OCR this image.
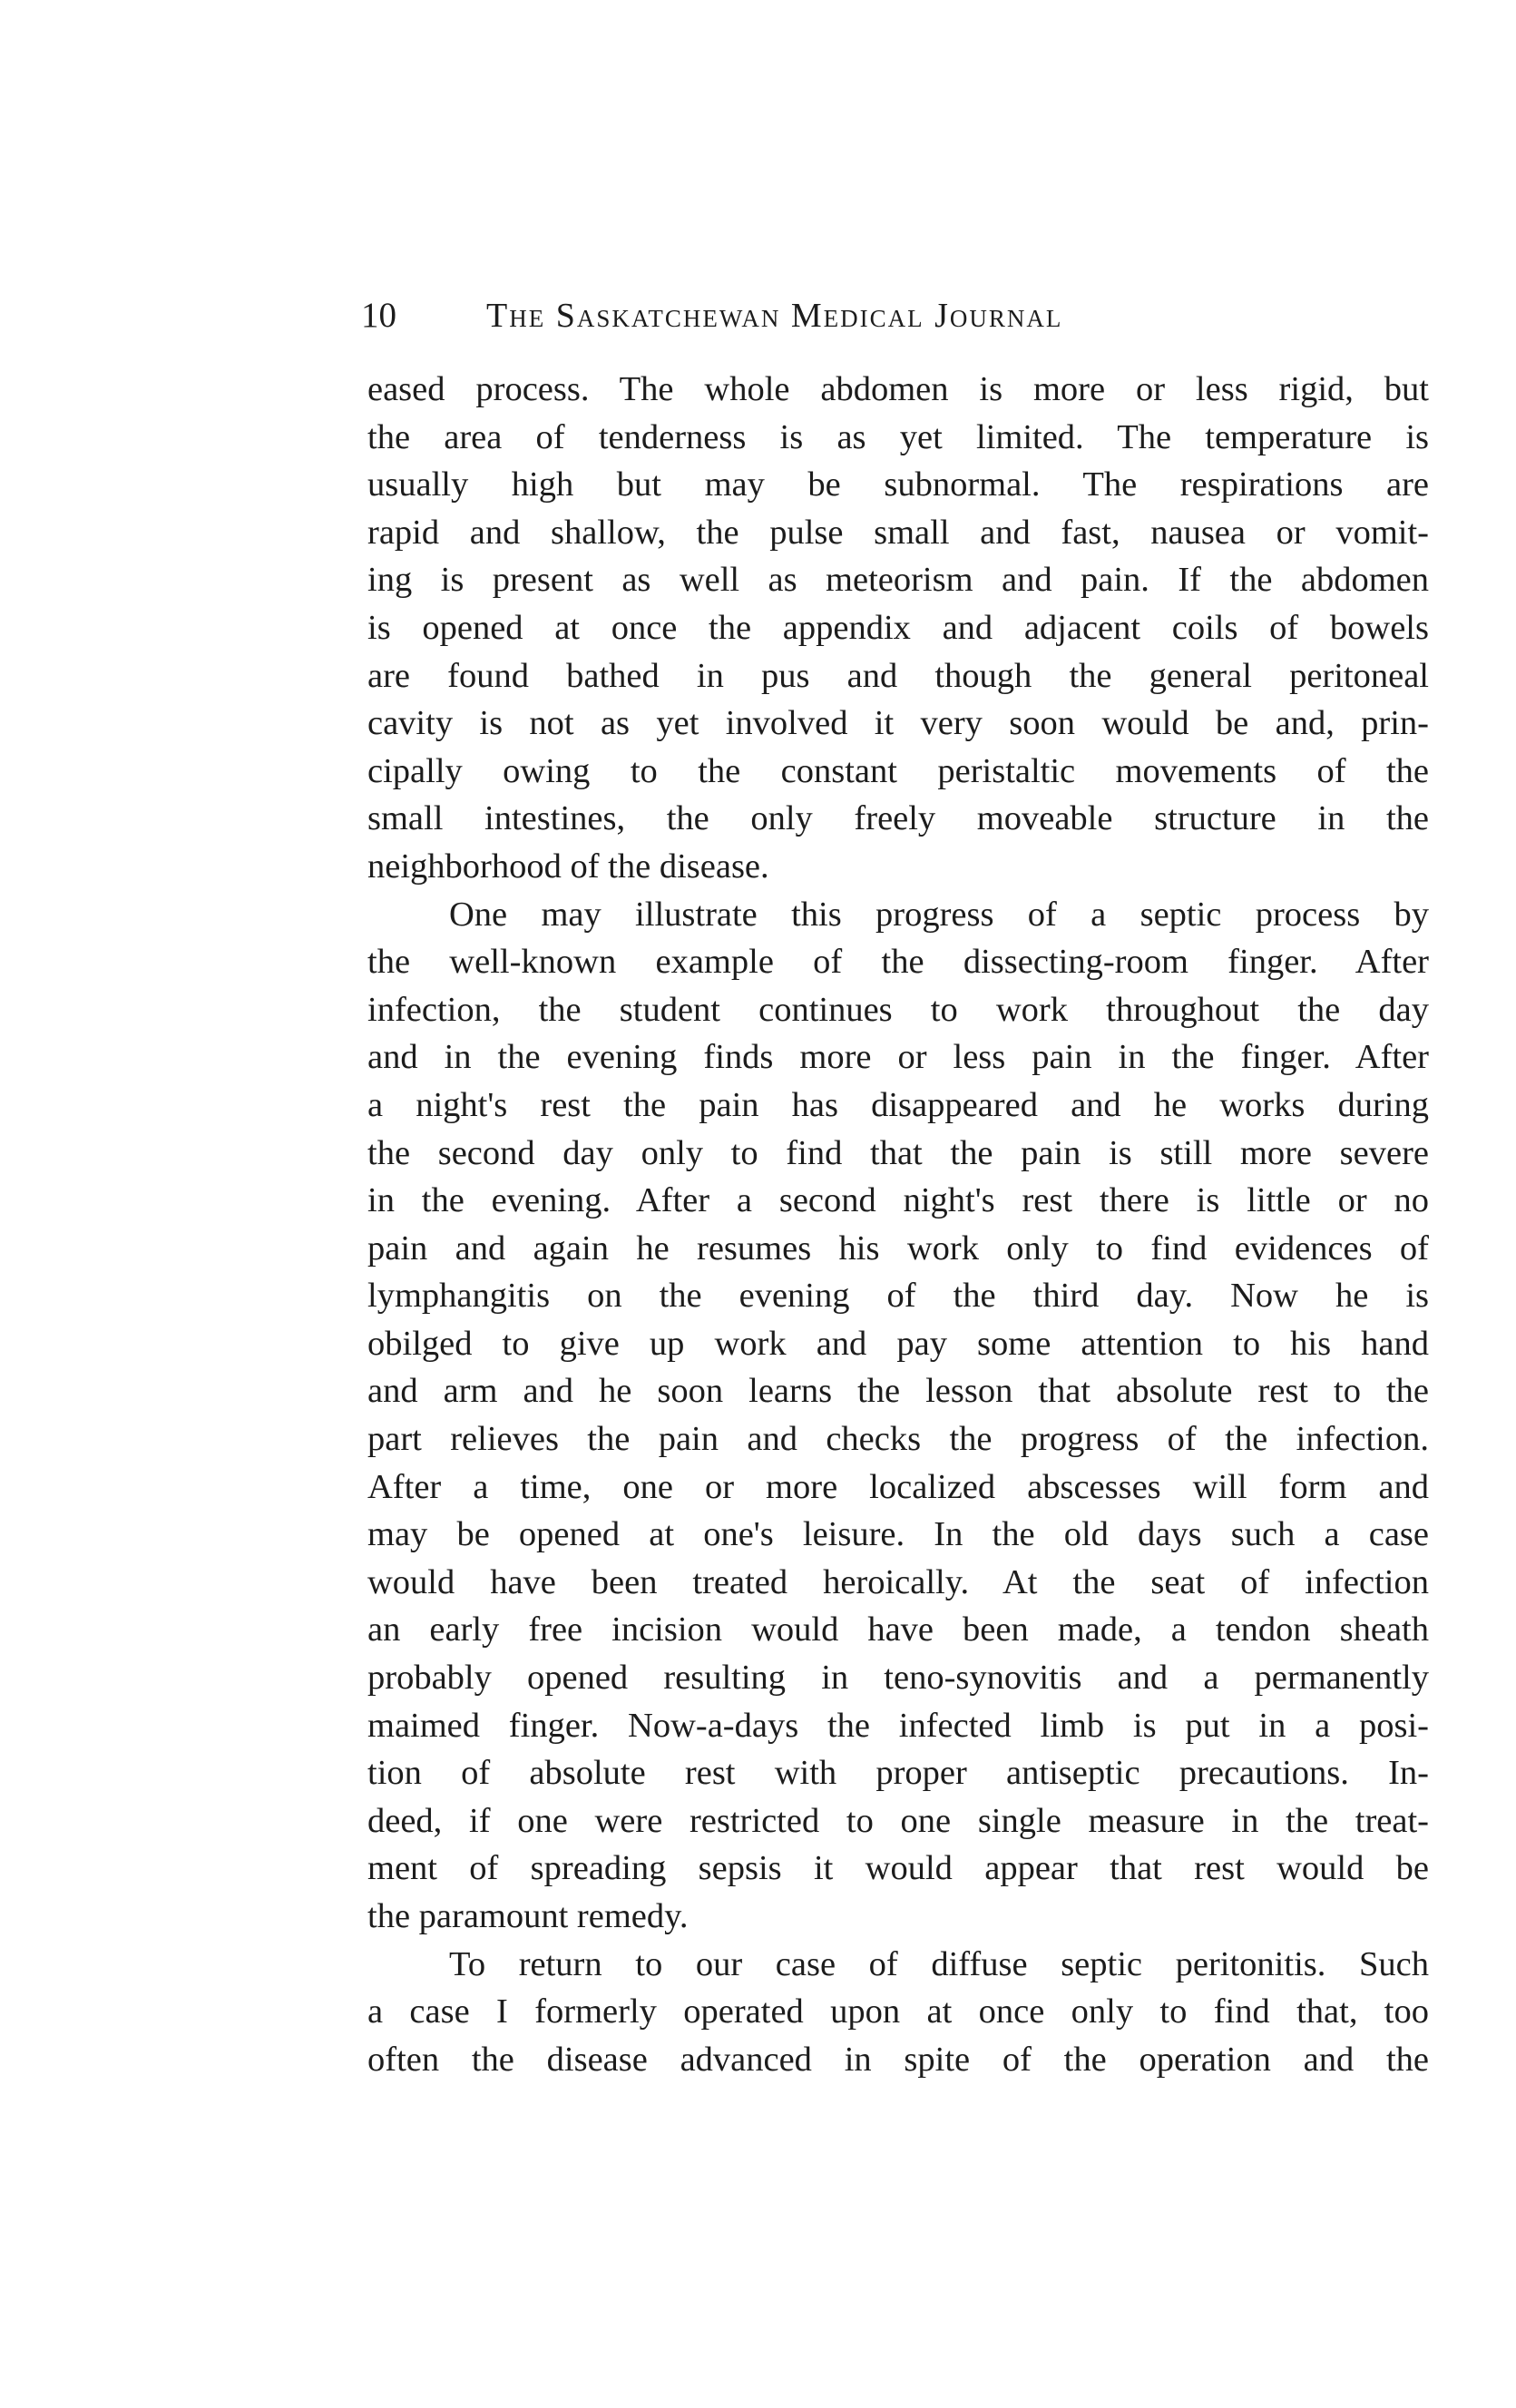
10	The Saskatchewan Medical Journal
eased process. The whole abdomen is more or less rigid, but
the area of tenderness is as yet limited. The temperature is
usually high but may be subnormal. The respirations are
rapid and shallow, the pulse small and fast, nausea or vomit-
ing is present as well as meteorism and pain. If the abdomen
is opened at once the appendix and adjacent coils of bowels
are found bathed in pus and though the general peritoneal
cavity is not as yet involved it very soon would be and, prin-
cipally owing to the constant peristaltic movements of the
small intestines, the only freely moveable structure in the
neighborhood of the disease.
One may illustrate this progress of a septic process by
the well-known example of the dissecting-room finger. After
infection, the student continues to work throughout the day
and in the evening finds more or less pain in the finger. After
a night's rest the pain has disappeared and he works during
the second day only to find that the pain is still more severe
in the evening. After a second night's rest there is little or no
pain and again he resumes his work only to find evidences of
lymphangitis on the evening of the third day. Now he is
obilged to give up work and pay some attention to his hand
and arm and he soon learns the lesson that absolute rest to the
part relieves the pain and checks the progress of the infection.
After a time, one or more localized abscesses will form and
may be opened at one's leisure. In the old days such a case
would have been treated heroically. At the seat of infection
an early free incision would have been made, a tendon sheath
probably opened resulting in teno-synovitis and a permanently
maimed finger. Now-a-days the infected limb is put in a posi-
tion of absolute rest with proper antiseptic precautions. In-
deed, if one were restricted to one single measure in the treat-
ment of spreading sepsis it would appear that rest would be
the paramount remedy.
To return to our case of diffuse septic peritonitis. Such
a case I formerly operated upon at once only to find that, too
often the disease advanced in spite of the operation and the
